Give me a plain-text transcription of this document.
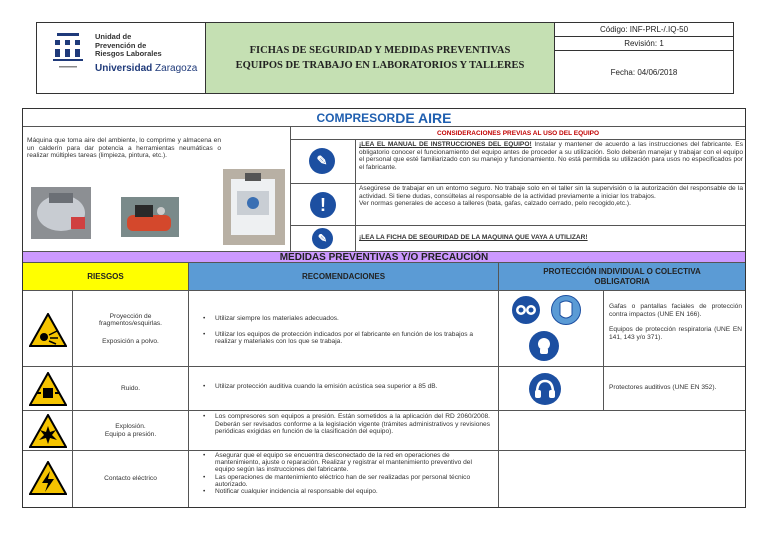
Unidad de
Prevención de
Riesgos Laborales
Universidad Zaragoza
FICHAS DE SEGURIDAD Y MEDIDAS PREVENTIVAS
EQUIPOS DE TRABAJO EN LABORATORIOS Y TALLERES
Código: INF-PRL-/.IQ-50
Revisión: 1
Fecha: 04/06/2018
COMPRESOR DE AIRE
Máquina que toma aire del ambiente, lo comprime y almacena en un calderín para dar potencia a herramientas neumáticas o realizar múltiples tareas (limpieza, pintura, etc.).
CONSIDERACIONES PREVIAS AL USO DEL EQUIPO
✎
¡LEA EL MANUAL DE INSTRUCCIONES DEL EQUIPO! Instalar y mantener de acuerdo a las instrucciones del fabricante. Es obligatorio conocer el funcionamiento del equipo antes de proceder a su utilización. Solo deberán manejar y trabajar con el equipo el personal que esté familiarizado con su manejo y funcionamiento. No está permitida su utilización para usos no especificados por el fabricante.
!
Asegúrese de trabajar en un entorno seguro. No trabaje solo en el taller sin la supervisión o la autorización del responsable de la actividad. Si tiene dudas, consúltelas al responsable de la actividad previamente a iniciar los trabajos.
Ver normas generales de acceso a talleres (bata, gafas, calzado cerrado, pelo recogido,etc.).
✎	¡LEA LA FICHA DE SEGURIDAD DE LA MAQUINA QUE VAYA A UTILIZAR!
MEDIDAS PREVENTIVAS Y/O PRECAUCIÓN
RIESGOS	RECOMENDACIONES
PROTECCIÓN INDIVIDUAL O COLECTIVA
OBLIGATORIA
Proyección de fragmentos/esquirlas.
Exposición a polvo.
• Utilizar siempre los materiales adecuados.
• Utilizar los equipos de protección indicados por el fabricante en función de los trabajos a realizar y materiales con los que se trabaja.
Gafas o pantallas faciales de protección contra impactos (UNE EN 166).
Equipos de protección respiratoria (UNE EN 141, 143 y/o 371).
Ruido.
•	Utilizar protección auditiva cuando la emisión acústica sea superior a 85 dB.	Protectores auditivos (UNE EN 352).
Explosión.
Equipo a presión.
• Los compresores son equipos a presión. Están sometidos a la aplicación del RD 2060/2008. Deberán ser revisados conforme a la legislación vigente (trámites administrativos y revisiones periódicas exigidas en función de la clasificación del equipo).
Contacto eléctrico
• Asegurar que el equipo se encuentra desconectado de la red en operaciones de mantenimiento, ajuste o reparación. Realizar y registrar el mantenimiento preventivo del equipo según las instrucciones del fabricante.
• Las operaciones de mantenimiento eléctrico han de ser realizadas por personal técnico autorizado.
• Notificar cualquier incidencia al responsable del equipo.
